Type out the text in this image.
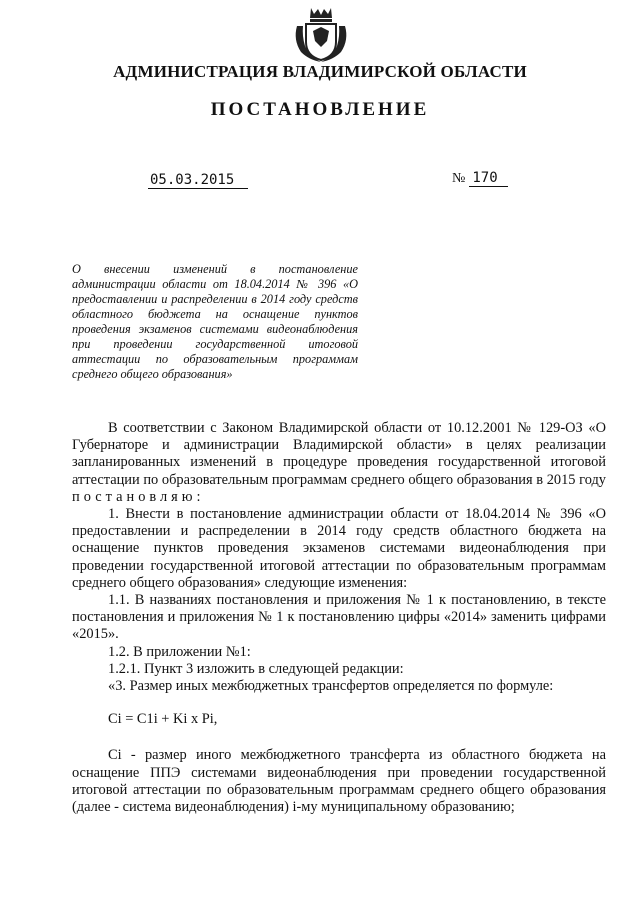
АДМИНИСТРАЦИЯ ВЛАДИМИРСКОЙ ОБЛАСТИ
ПОСТАНОВЛЕНИЕ
05.03.2015	№ 170
О внесении изменений в постановление администрации области от 18.04.2014 № 396 «О предоставлении и распределении в 2014 году средств областного бюджета на оснащение пунктов проведения экзаменов системами видеонаблюдения при проведении государственной итоговой аттестации по образовательным программам среднего общего образования»

В соответствии с Законом Владимирской области от 10.12.2001 № 129-ОЗ «О Губернаторе и администрации Владимирской области» в целях реализации запланированных изменений в процедуре проведения государственной итоговой аттестации по образовательным программам среднего общего образования в 2015 году постановляю:

1. Внести в постановление администрации области от 18.04.2014 № 396 «О предоставлении и распределении в 2014 году средств областного бюджета на оснащение пунктов проведения экзаменов системами видеонаблюдения при проведении государственной итоговой аттестации по образовательным программам среднего общего образования» следующие изменения:

1.1. В названиях постановления и приложения № 1 к постановлению, в тексте постановления и приложения № 1 к постановлению цифры «2014» заменить цифрами «2015».

1.2. В приложении №1:

1.2.1. Пункт 3 изложить в следующей редакции:

«3. Размер иных межбюджетных трансфертов определяется по формуле:

Ci = C1i + Ki x Pi,

Ci - размер иного межбюджетного трансферта из областного бюджета на оснащение ППЭ системами видеонаблюдения при проведении государственной итоговой аттестации по образовательным программам среднего общего образования (далее - система видеонаблюдения) i-му муниципальному образованию;
